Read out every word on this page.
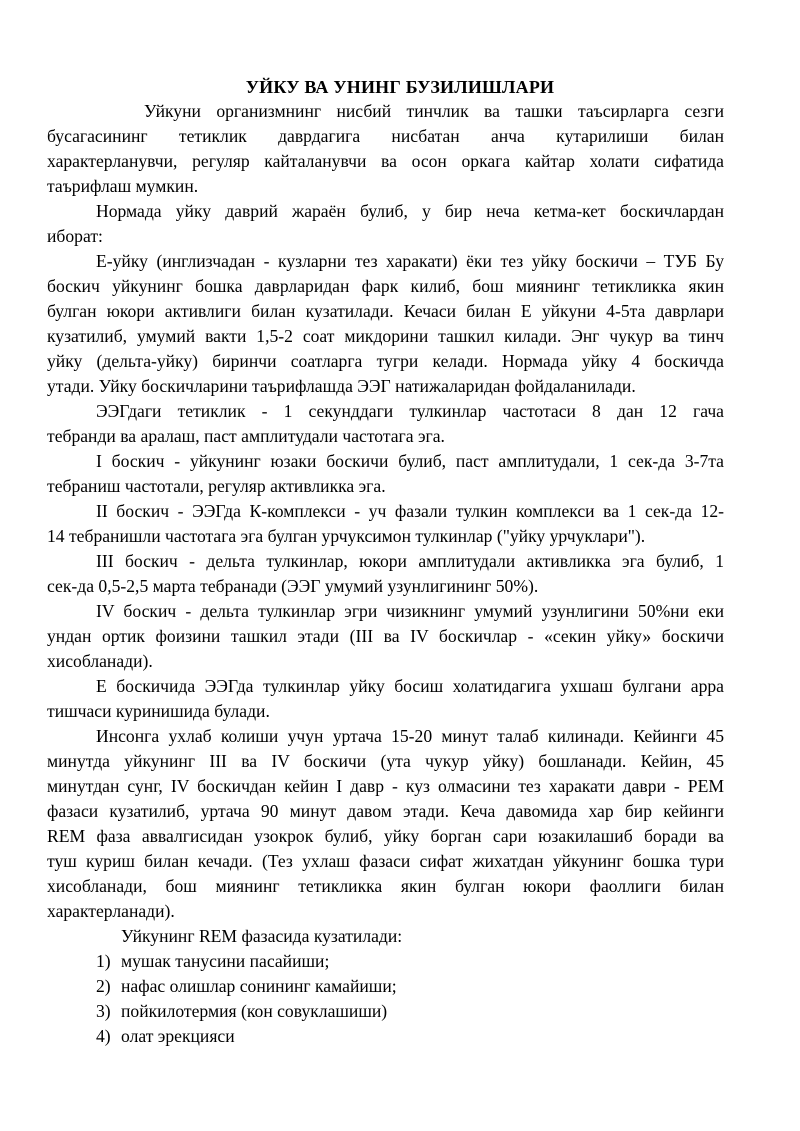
УЙКУ ВА УНИНГ БУЗИЛИШЛАРИ
Уйкуни организмнинг нисбий тинчлик ва ташки таъсирларга сезги
бусагасининг тетиклик даврдагига нисбатан анча кутарилиши билан
характерланувчи, регуляр кайталанувчи ва осон оркага кайтар холати сифатида
таърифлаш мумкин.
Нормада уйку даврий жараён булиб, у бир неча кетма-кет боскичлардан
иборат:
Е-уйку (инглизчадан - кузларни тез харакати) ёки тез уйку боскичи – ТУБ Бу
боскич уйкунинг бошка даврларидан фарк килиб, бош миянинг тетикликка якин
булган юкори активлиги билан кузатилади. Кечаси билан Е уйкуни 4-5та даврлари
кузатилиб, умумий вакти 1,5-2 соат микдорини ташкил килади. Энг чукур ва тинч
уйку (дельта-уйку) биринчи соатларга тугри келади. Нормада уйку 4 боскичда
утади. Уйку боскичларини таърифлашда ЭЭГ натижаларидан фойдаланилади.
ЭЭГдаги тетиклик - 1 секунддаги тулкинлар частотаси 8 дан 12 гача
тебранди ва аралаш, паст амплитудали частотага эга.
I боскич - уйкунинг юзаки боскичи булиб, паст амплитудали, 1 сек-да 3-7та
тебраниш частотали, регуляр активликка эга.
II боскич - ЭЭГда К-комплекси - уч фазали тулкин комплекси ва 1 сек-да 12-
14 тебранишли частотага эга булган урчуксимон тулкинлар ("уйку урчуклари").
III боскич - дельта тулкинлар, юкори амплитудали активликка эга булиб, 1
сек-да 0,5-2,5 марта тебранади (ЭЭГ умумий узунлигининг 50%).
IV боскич - дельта тулкинлар эгри чизикнинг умумий узунлигини 50%ни еки
ундан ортик фоизини ташкил этади (III ва IV боскичлар - «секин уйку» боскичи
хисобланади).
Е боскичида ЭЭГда тулкинлар уйку босиш холатидагига ухшаш булгани арра
тишчаси куринишида булади.
Инсонга ухлаб колиши учун уртача 15-20 минут талаб килинади. Кейинги 45
минутда уйкунинг III ва IV боскичи (ута чукур уйку) бошланади. Кейин, 45
минутдан сунг, IV боскичдан кейин I давр - куз олмасини тез харакати даври - РЕМ
фазаси кузатилиб, уртача 90 минут давом этади. Кеча давомида хар бир кейинги
REM фаза аввалгисидан узокрок булиб, уйку борган сари юзакилашиб боради ва
туш куриш билан кечади. (Тез ухлаш фазаси сифат жихатдан уйкунинг бошка тури
хисобланади, бош миянинг тетикликка якин булган юкори фаоллиги билан
характерланади).
Уйкунинг REM фазасида кузатилади:
1) мушак танусини пасайиши;
2) нафас олишлар сонининг камайиши;
3) пойкилотермия (кон совуклашиши)
4) олат эрекцияси
